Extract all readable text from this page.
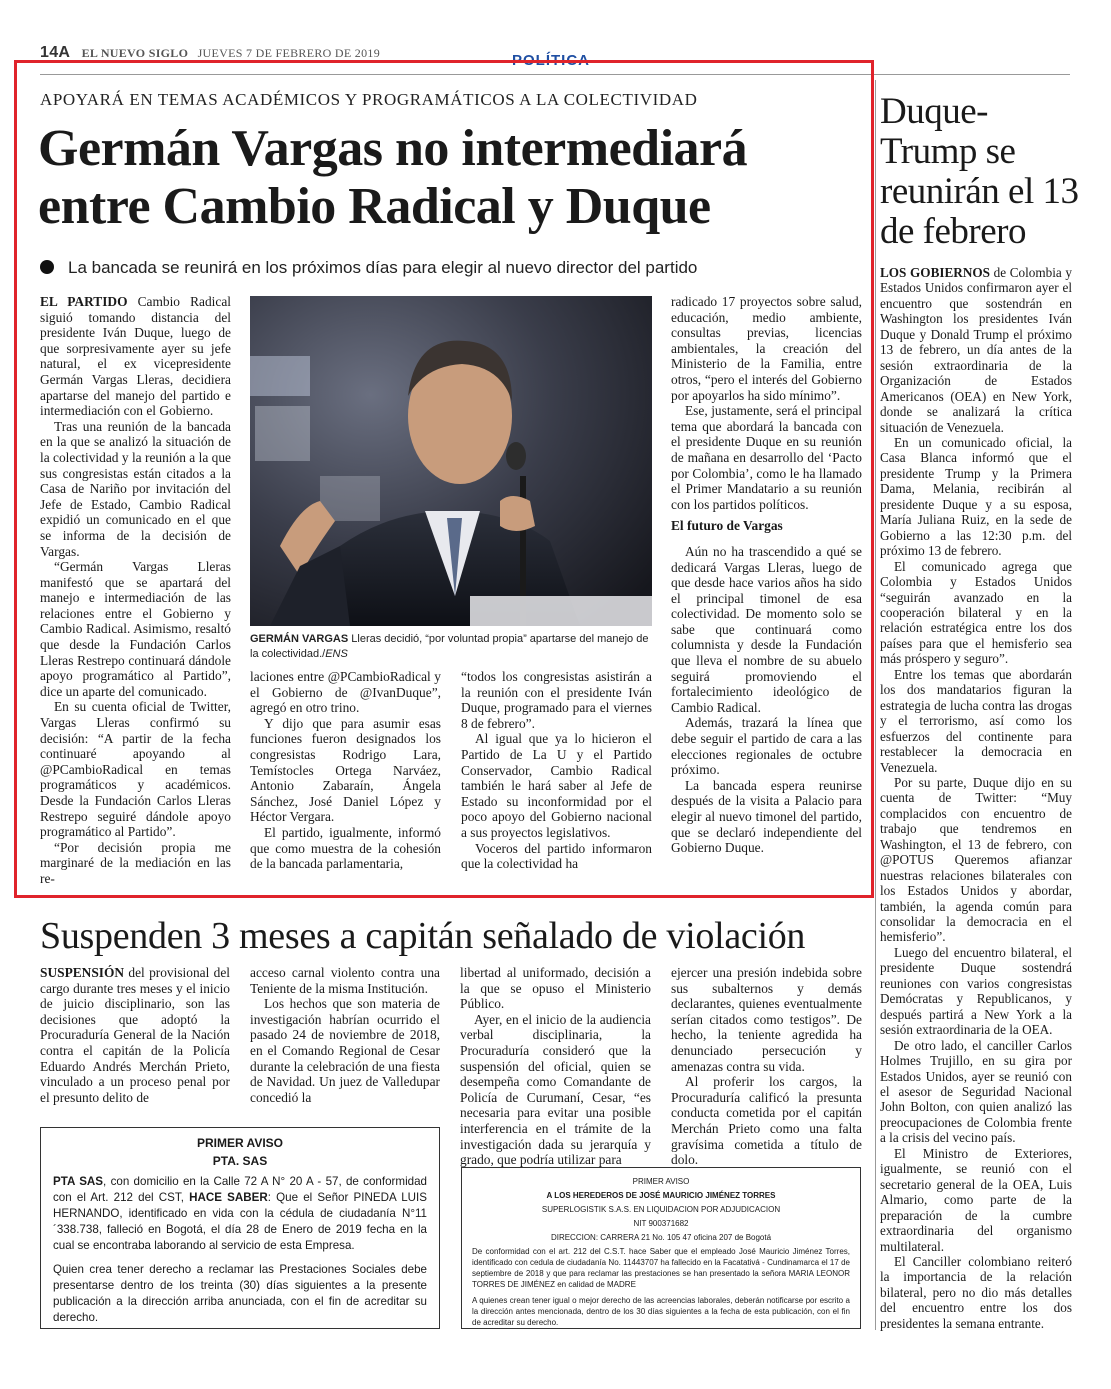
14A EL NUEVO SIGLO JUEVES 7 DE FEBRERO DE 2019	POLÍTICA
APOYARÁ EN TEMAS ACADÉMICOS Y PROGRAMÁTICOS A LA COLECTIVIDAD
Germán Vargas no intermediará
entre Cambio Radical y Duque
La bancada se reunirá en los próximos días para elegir al nuevo director del partido

EL PARTIDO Cambio Radical siguió tomando distancia del presidente Iván Duque, luego de que sorpresivamente ayer su jefe natural, el ex vicepresidente Germán Vargas Lleras, decidiera apartarse del manejo del partido e intermediación con el Gobierno.

Tras una reunión de la bancada en la que se analizó la situación de la colectividad y la reunión a la que sus congresistas están citados a la Casa de Nariño por invitación del Jefe de Estado, Cambio Radical expidió un comunicado en el que se informa de la decisión de Vargas.

“Germán Vargas Lleras manifestó que se apartará del manejo e intermediación de las relaciones entre el Gobierno y Cambio Radical. Asimismo, resaltó que desde la Fundación Carlos Lleras Restrepo continuará dándole apoyo programático al Partido”, dice un aparte del comunicado.

En su cuenta oficial de Twitter, Vargas Lleras confirmó su decisión: “A partir de la fecha continuaré apoyando al @PCambioRadical en temas programáticos y académicos. Desde la Fundación Carlos Lleras Restrepo seguiré dándole apoyo programático al Partido”.

“Por decisión propia me marginaré de la mediación en las re-

GERMÁN VARGAS Lleras decidió, “por voluntad propia” apartarse del manejo de la colectividad./ENS

laciones entre @PCambioRadical y el Gobierno de @IvanDuque”, agregó en otro trino.

Y dijo que para asumir esas funciones fueron designados los congresistas Rodrigo Lara, Temístocles Ortega Narváez, Antonio Zabaraín, Ángela Sánchez, José Daniel López y Héctor Vergara.

El partido, igualmente, informó que como muestra de la cohesión de la bancada parlamentaria,

“todos los congresistas asistirán a la reunión con el presidente Iván Duque, programado para el viernes 8 de febrero”.

Al igual que ya lo hicieron el Partido de La U y el Partido Conservador, Cambio Radical también le hará saber al Jefe de Estado su inconformidad por el poco apoyo del Gobierno nacional a sus proyectos legislativos.

Voceros del partido informaron que la colectividad ha

radicado 17 proyectos sobre salud, educación, medio ambiente, consultas previas, licencias ambientales, la creación del Ministerio de la Familia, entre otros, “pero el interés del Gobierno por apoyarlos ha sido mínimo”.

Ese, justamente, será el principal tema que abordará la bancada con el presidente Duque en su reunión de mañana en desarrollo del ‘Pacto por Colombia’, como le ha llamado el Primer Mandatario a su reunión con los partidos políticos.

El futuro de Vargas

Aún no ha trascendido a qué se dedicará Vargas Lleras, luego de que desde hace varios años ha sido el principal timonel de esa colectividad. De momento solo se sabe que continuará como columnista y desde la Fundación que lleva el nombre de su abuelo seguirá promoviendo el fortalecimiento ideológico de Cambio Radical.

Además, trazará la línea que debe seguir el partido de cara a las elecciones regionales de octubre próximo.

La bancada espera reunirse después de la visita a Palacio para elegir al nuevo timonel del partido, que se declaró independiente del Gobierno Duque.

Duque-Trump se reunirán el 13 de febrero

LOS GOBIERNOS de Colombia y Estados Unidos confirmaron ayer el encuentro que sostendrán en Washington los presidentes Iván Duque y Donald Trump el próximo 13 de febrero, un día antes de la sesión extraordinaria de la Organización de Estados Americanos (OEA) en New York, donde se analizará la crítica situación de Venezuela.

En un comunicado oficial, la Casa Blanca informó que el presidente Trump y la Primera Dama, Melania, recibirán al presidente Duque y a su esposa, María Juliana Ruiz, en la sede de Gobierno a las 12:30 p.m. del próximo 13 de febrero.

El comunicado agrega que Colombia y Estados Unidos “seguirán avanzado en la cooperación bilateral y en la relación estratégica entre los dos países para que el hemisferio sea más próspero y seguro”.

Entre los temas que abordarán los dos mandatarios figuran la estrategia de lucha contra las drogas y el terrorismo, así como los esfuerzos del continente para restablecer la democracia en Venezuela.

Por su parte, Duque dijo en su cuenta de Twitter: “Muy complacidos con encuentro de trabajo que tendremos en Washington, el 13 de febrero, con @POTUS Queremos afianzar nuestras relaciones bilaterales con los Estados Unidos y abordar, también, la agenda común para consolidar la democracia en el hemisferio”.

Luego del encuentro bilateral, el presidente Duque sostendrá reuniones con varios congresistas Demócratas y Republicanos, y después partirá a New York a la sesión extraordinaria de la OEA.

De otro lado, el canciller Carlos Holmes Trujillo, en su gira por Estados Unidos, ayer se reunió con el asesor de Seguridad Nacional John Bolton, con quien analizó las preocupaciones de Colombia frente a la crisis del vecino país.

El Ministro de Exteriores, igualmente, se reunió con el secretario general de la OEA, Luis Almario, como parte de la preparación de la cumbre extraordinaria del organismo multilateral.

El Canciller colombiano reiteró la importancia de la relación bilateral, pero no dio más detalles del encuentro entre los dos presidentes la semana entrante.

Suspenden 3 meses a capitán señalado de violación

SUSPENSIÓN del provisional del cargo durante tres meses y el inicio de juicio disciplinario, son las decisiones que adoptó la Procuraduría General de la Nación contra el capitán de la Policía Eduardo Andrés Merchán Prieto, vinculado a un proceso penal por el presunto delito de

acceso carnal violento contra una Teniente de la misma Institución.

Los hechos que son materia de investigación habrían ocurrido el pasado 24 de noviembre de 2018, en el Comando Regional de Cesar durante la celebración de una fiesta de Navidad. Un juez de Valledupar concedió la

libertad al uniformado, decisión a la que se opuso el Ministerio Público.

Ayer, en el inicio de la audiencia verbal disciplinaria, la Procuraduría consideró que la suspensión del oficial, quien se desempeña como Comandante de Policía de Curumaní, Cesar, “es necesaria para evitar una posible interferencia en el trámite de la investigación dada su jerarquía y grado, que podría utilizar para

ejercer una presión indebida sobre sus subalternos y demás declarantes, quienes eventualmente serían citados como testigos”. De hecho, la teniente agredida ha denunciado persecución y amenazas contra su vida.

Al proferir los cargos, la Procuraduría calificó la presunta conducta cometida por el capitán Merchán Prieto como una falta gravísima cometida a título de dolo.

PRIMER AVISO
PTA. SAS

PTA SAS, con domicilio en la Calle 72 A N° 20 A - 57, de conformidad con el Art. 212 del CST, HACE SABER: Que el Señor PINEDA LUIS HERNANDO, identificado en vida con la cédula de ciudadanía N°11´338.738, falleció en Bogotá, el día 28 de Enero de 2019 fecha en la cual se encontraba laborando al servicio de esta Empresa.

Quien crea tener derecho a reclamar las Prestaciones Sociales debe presentarse dentro de los treinta (30) días siguientes a la presente publicación a la dirección arriba anunciada, con el fin de acreditar su derecho.

PRIMER AVISO
A LOS HEREDEROS DE JOSÉ MAURICIO JIMÉNEZ TORRES
SUPERLOGISTIK S.A.S. EN LIQUIDACION POR ADJUDICACION
NIT 900371682
DIRECCION: CARRERA 21 No. 105 47 oficina 207 de Bogotá

De conformidad con el art. 212 del C.S.T. hace Saber que el empleado José Mauricio Jiménez Torres, identificado con cedula de ciudadanía No. 11443707 ha fallecido en la Facatativá - Cundinamarca el 17 de septiembre de 2018 y que para reclamar las prestaciones se han presentado la señora MARIA LEONOR TORRES DE JIMÉNEZ en calidad de MADRE

A quienes crean tener igual o mejor derecho de las acreencias laborales, deberán notificarse por escrito a la dirección antes mencionada, dentro de los 30 días siguientes a la fecha de esta publicación, con el fin de acreditar su derecho.
